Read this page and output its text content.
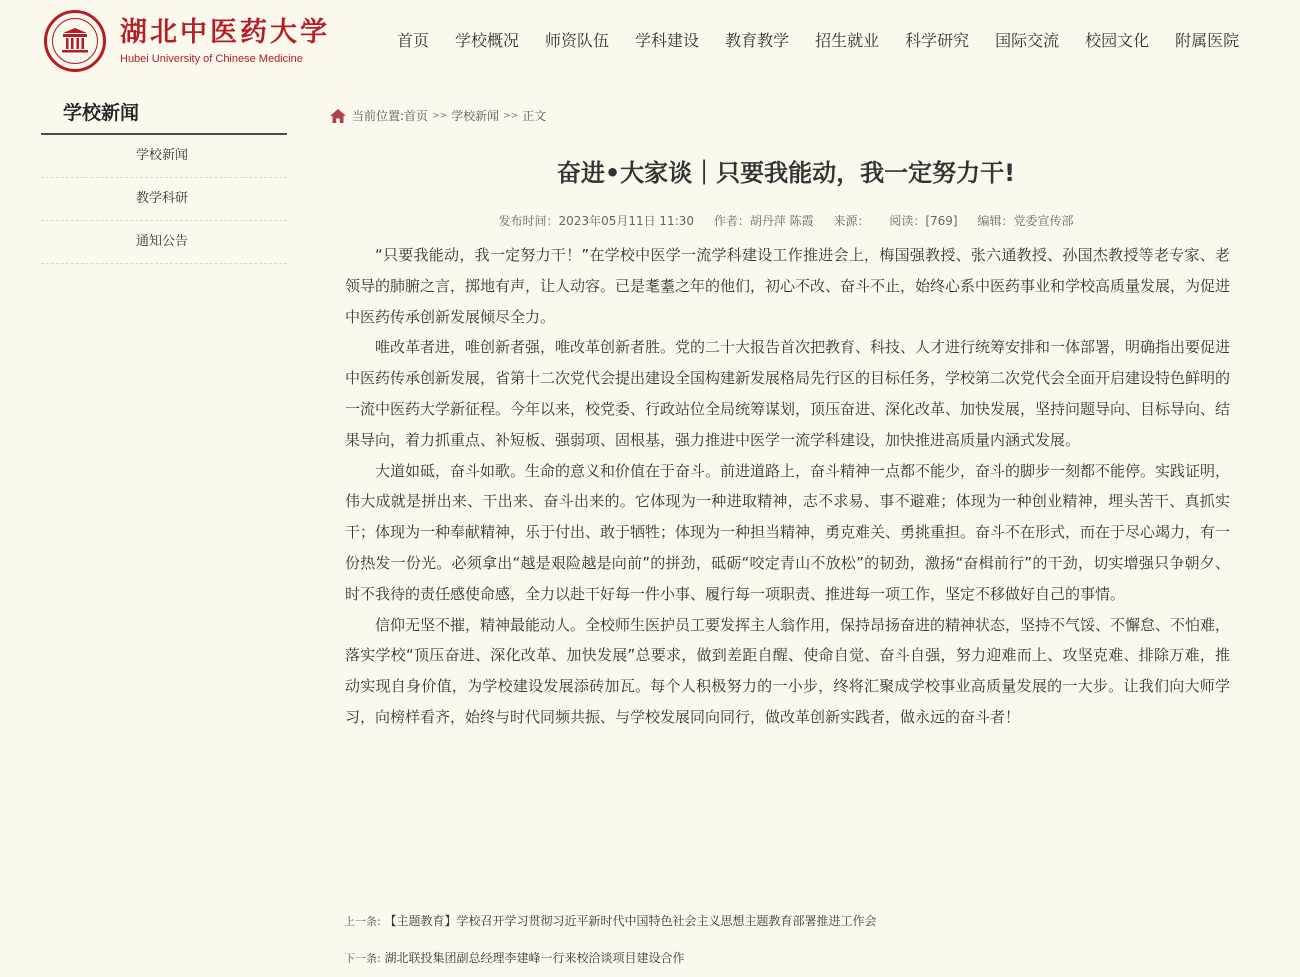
湖北中医药大学
Hubei University of Chinese Medicine
首页	学校概况	师资队伍	学科建设	教育教学	招生就业	科学研究	国际交流	校园文化	附属医院
学校新闻
学校新闻
教学科研
通知公告
当前位置: 首页 >> 学校新闻 >> 正文
奋进•大家谈｜只要我能动，我一定努力干!
发布时间：2023年05月11日 11:30 作者：胡丹萍 陈霞 来源： 阅读：[769] 编辑：党委宣传部

“只要我能动，我一定努力干！”在学校中医学一流学科建设工作推进会上，梅国强教授、张六通教授、孙国杰教授等老专家、老领导的肺腑之言，掷地有声，让人动容。已是耄耋之年的他们，初心不改、奋斗不止，始终心系中医药事业和学校高质量发展，为促进中医药传承创新发展倾尽全力。

唯改革者进，唯创新者强，唯改革创新者胜。党的二十大报告首次把教育、科技、人才进行统筹安排和一体部署，明确指出要促进中医药传承创新发展，省第十二次党代会提出建设全国构建新发展格局先行区的目标任务，学校第二次党代会全面开启建设特色鲜明的一流中医药大学新征程。今年以来，校党委、行政站位全局统筹谋划，顶压奋进、深化改革、加快发展，坚持问题导向、目标导向、结果导向，着力抓重点、补短板、强弱项、固根基，强力推进中医学一流学科建设，加快推进高质量内涵式发展。

大道如砥，奋斗如歌。生命的意义和价值在于奋斗。前进道路上，奋斗精神一点都不能少，奋斗的脚步一刻都不能停。实践证明，伟大成就是拼出来、干出来、奋斗出来的。它体现为一种进取精神，志不求易、事不避难；体现为一种创业精神，埋头苦干、真抓实干；体现为一种奉献精神，乐于付出、敢于牺牲；体现为一种担当精神，勇克难关、勇挑重担。奋斗不在形式，而在于尽心竭力，有一份热发一份光。必须拿出“越是艰险越是向前”的拼劲，砥砺“咬定青山不放松”的韧劲，激扬“奋楫前行”的干劲，切实增强只争朝夕、时不我待的责任感使命感，全力以赴干好每一件小事、履行每一项职责、推进每一项工作，坚定不移做好自己的事情。

信仰无坚不摧，精神最能动人。全校师生医护员工要发挥主人翁作用，保持昂扬奋进的精神状态，坚持不气馁、不懈怠、不怕难，落实学校“顶压奋进、深化改革、加快发展”总要求，做到差距自醒、使命自觉、奋斗自强，努力迎难而上、攻坚克难、排除万难，推动实现自身价值，为学校建设发展添砖加瓦。每个人积极努力的一小步，终将汇聚成学校事业高质量发展的一大步。让我们向大师学习，向榜样看齐，始终与时代同频共振、与学校发展同向同行，做改革创新实践者，做永远的奋斗者！

上一条: 【主题教育】学校召开学习贯彻习近平新时代中国特色社会主义思想主题教育部署推进工作会
下一条: 湖北联投集团副总经理李建峰一行来校洽谈项目建设合作
